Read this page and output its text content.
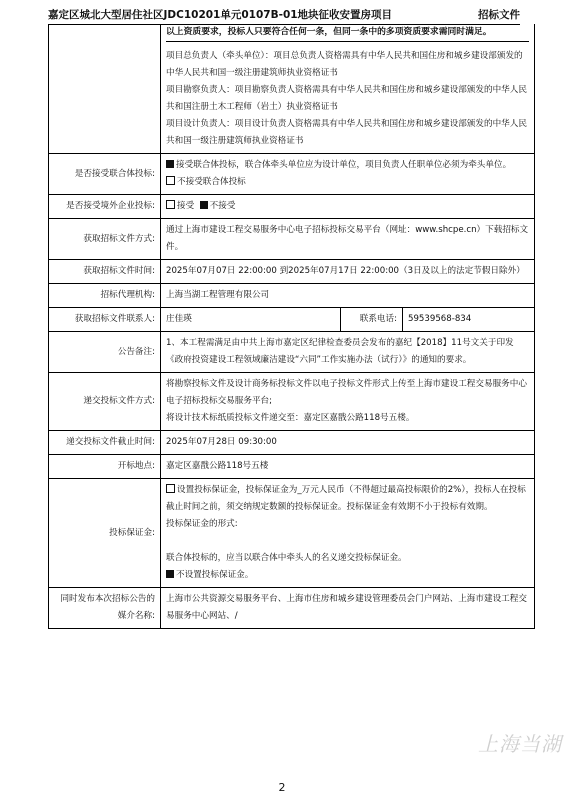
嘉定区城北大型居住社区JDC10201单元0107B-01地块征收安置房项目	招标文件

	以上资质要求，投标人只要符合任何一条，但同一条中的多项资质要求需同时满足。
项目总负责人（牵头单位）：项目总负责人资格需具有中华人民共和国住房和城乡建设部颁发的中华人民共和国一级注册建筑师执业资格证书
项目勘察负责人：项目勘察负责人资格需具有中华人民共和国住房和城乡建设部颁发的中华人民共和国注册土木工程师（岩土）执业资格证书
项目设计负责人：项目设计负责人资格需具有中华人民共和国住房和城乡建设部颁发的中华人民共和国一级注册建筑师执业资格证书		

是否接受联合体投标:	接受联合体投标，联合体牵头单位应为设计单位，项目负责人任职单位必须为牵头单位。
不接受联合体投标		

是否接受境外企业投标:	接受 不接受		
获取招标文件方式:	通过上海市建设工程交易服务中心电子招标投标交易平台（网址：www.shcpe.cn）下载招标文件。		
获取招标文件时间:	2025年07月07日 22:00:00 到2025年07月17日 22:00:00（3日及以上的法定节假日除外）		
招标代理机构:	上海当湖工程管理有限公司		
获取招标文件联系人:	庄佳瑛	联系电话:	59539568-834
公告备注:	1、本工程需满足由中共上海市嘉定区纪律检查委员会发布的嘉纪【2018】11号文关于印发《政府投资建设工程领域廉洁建设“六同”工作实施办法（试行）》的通知的要求。		
递交投标文件方式:	将勘察投标文件及设计商务标投标文件以电子投标文件形式上传至上海市建设工程交易服务中心电子招标投标交易服务平台;
将设计技术标纸质投标文件递交至：嘉定区嘉戬公路118号五楼。		

递交投标文件截止时间:	2025年07月28日 09:30:00		
开标地点:	嘉定区嘉戬公路118号五楼		
投标保证金:	设置投标保证金，投标保证金为_万元人民币（不得超过最高投标限价的2%），投标人在投标截止时间之前，须交纳规定数额的投标保证金。投标保证金有效期不小于投标有效期。
投标保证金的形式:
联合体投标的，应当以联合体中牵头人的名义递交投标保证金。
不设置投标保证金。		

同时发布本次招标公告的媒介名称:	上海市公共资源交易服务平台、上海市住房和城乡建设管理委员会门户网站、上海市建设工程交易服务中心网站、/		
上海当湖
2
